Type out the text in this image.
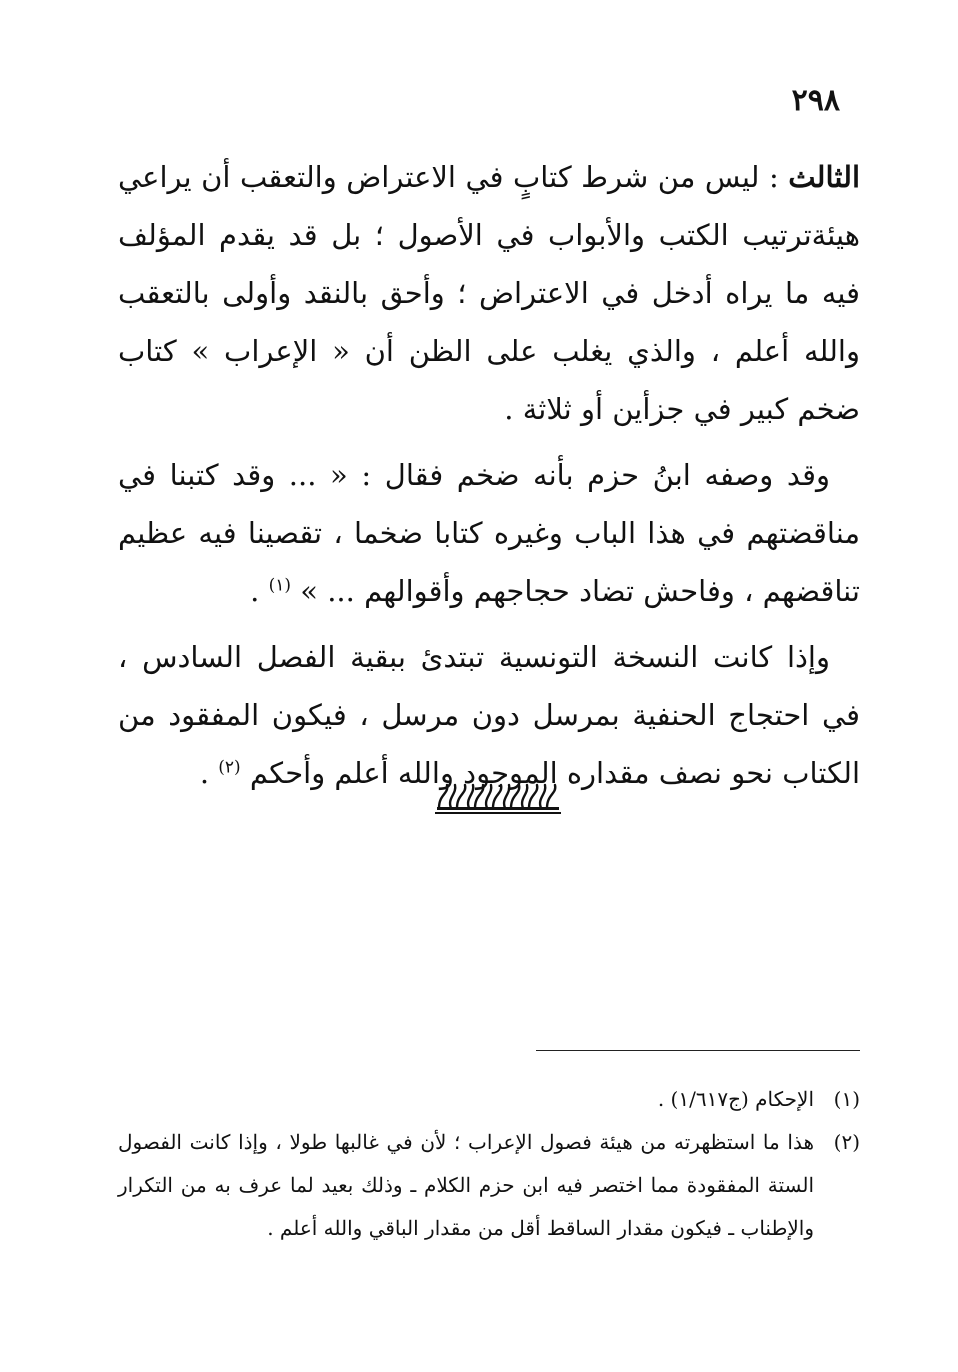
٢٩٨

الثالث : ليس من شرط كتابٍ في الاعتراض والتعقب أن يراعي هيئةترتيب الكتب والأبواب في الأصول ؛ بل قد يقدم المؤلف فيه ما يراه أدخل في الاعتراض ؛ وأحق بالنقد وأولى بالتعقب والله أعلم ، والذي يغلب على الظن أن « الإعراب » كتاب ضخم كبير في جزأين أو ثلاثة .

وقد وصفه ابنُ حزم بأنه ضخم فقال : « ... وقد كتبنا في مناقضتهم في هذا الباب وغيره كتابا ضخما ، تقصينا فيه عظيم تناقضهم ، وفاحش تضاد حجاجهم وأقوالهم ... » $^{(١)}$ .

وإذا كانت النسخة التونسية تبتدئ ببقية الفصل السادس ، في احتجاج الحنفية بمرسل دون مرسل ، فيكون المفقود من الكتاب نحو نصف مقداره الموجود والله أعلم وأحكم $^{(٢)}$ .

(١)
الإحكام (ج١/٦١٧) .

(٢)
هذا ما استظهرته من هيئة فصول الإعراب ؛ لأن في غالبها طولا ، وإذا كانت الفصول الستة المفقودة مما اختصر فيه ابن حزم الكلام ـ وذلك بعيد لما عرف به من التكرار والإطناب ـ فيكون مقدار الساقط أقل من مقدار الباقي والله أعلم .
